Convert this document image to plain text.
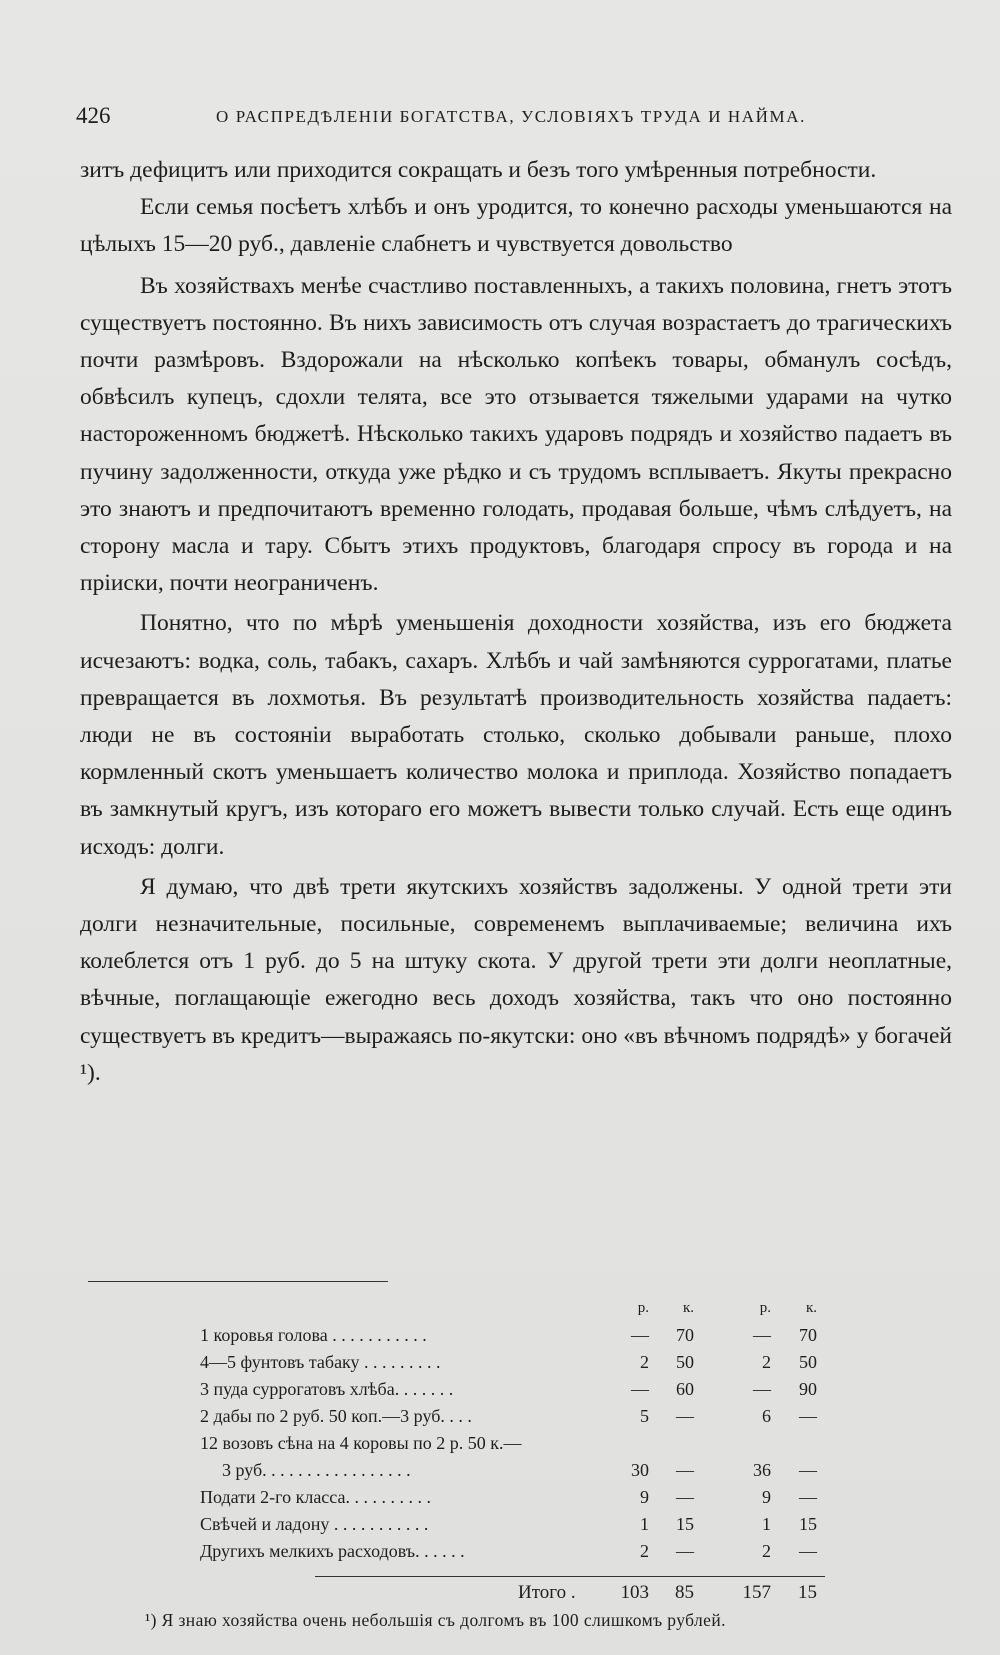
426	О РАСПРЕДѢЛЕНІИ БОГАТСТВА, УСЛОВІЯХЪ ТРУДА И НАЙМА.

зитъ дефицитъ или приходится сокращать и безъ того умѣренныя потребности.

Если семья посѣетъ хлѣбъ и онъ уродится, то конечно расходы уменьшаются на цѣлыхъ 15—20 руб., давленіе слабнетъ и чувствуется довольство

Въ хозяйствахъ менѣе счастливо поставленныхъ, а такихъ половина, гнетъ этотъ существуетъ постоянно. Въ нихъ зависимость отъ случая возрастаетъ до трагическихъ почти размѣровъ. Вздорожали на нѣсколько копѣекъ товары, обманулъ сосѣдъ, обвѣсилъ купецъ, сдохли телята, все это отзывается тяжелыми ударами на чутко настороженномъ бюджетѣ. Нѣсколько такихъ ударовъ подрядъ и хозяйство падаетъ въ пучину задолженности, откуда уже рѣдко и съ трудомъ всплываетъ. Якуты прекрасно это знаютъ и предпочитаютъ временно голодать, продавая больше, чѣмъ слѣдуетъ, на сторону масла и тару. Сбытъ этихъ продуктовъ, благодаря спросу въ города и на пріиски, почти неограниченъ.

Понятно, что по мѣрѣ уменьшенія доходности хозяйства, изъ его бюджета исчезаютъ: водка, соль, табакъ, сахаръ. Хлѣбъ и чай замѣняются суррогатами, платье превращается въ лохмотья. Въ результатѣ производительность хозяйства падаетъ: люди не въ состояніи выработать столько, сколько добывали раньше, плохо кормленный скотъ уменьшаетъ количество молока и приплода. Хозяйство попадаетъ въ замкнутый кругъ, изъ котораго его можетъ вывести только случай. Есть еще одинъ исходъ: долги.

Я думаю, что двѣ трети якутскихъ хозяйствъ задолжены. У одной трети эти долги незначительные, посильные, современемъ выплачиваемые; величина ихъ колеблется отъ 1 руб. до 5 на штуку скота. У другой трети эти долги неоплатные, вѣчные, поглащающіе ежегодно весь доходъ хозяйства, такъ что оно постоянно существуетъ въ кредитъ—выражаясь по-якутски: оно «въ вѣчномъ подрядѣ» у богачей ¹).

р.	к.	р.	к.
1 коровья голова . . . . . . . . . . .	—	70	—	70
4—5 фунтовъ табаку . . . . . . . . .	2	50	2	50
3 пуда суррогатовъ хлѣба. . . . . . .	—	60	—	90
2 дабы по 2 руб. 50 коп.—3 руб. . . .	5	—	6	—
12 возовъ сѣна на 4 коровы по 2 р. 50 к.—
3 руб. . . . . . . . . . . . . . . . .	30	—	36	—
Подати 2-го класса. . . . . . . . . .	9	—	9	—
Свѣчей и ладону . . . . . . . . . . .	1	15	1	15
Другихъ мелкихъ расходовъ. . . . . .	2	—	2	—
Итого . 103	85	157	15
¹) Я знаю хозяйства очень небольшія съ долгомъ въ 100 слишкомъ рублей.
